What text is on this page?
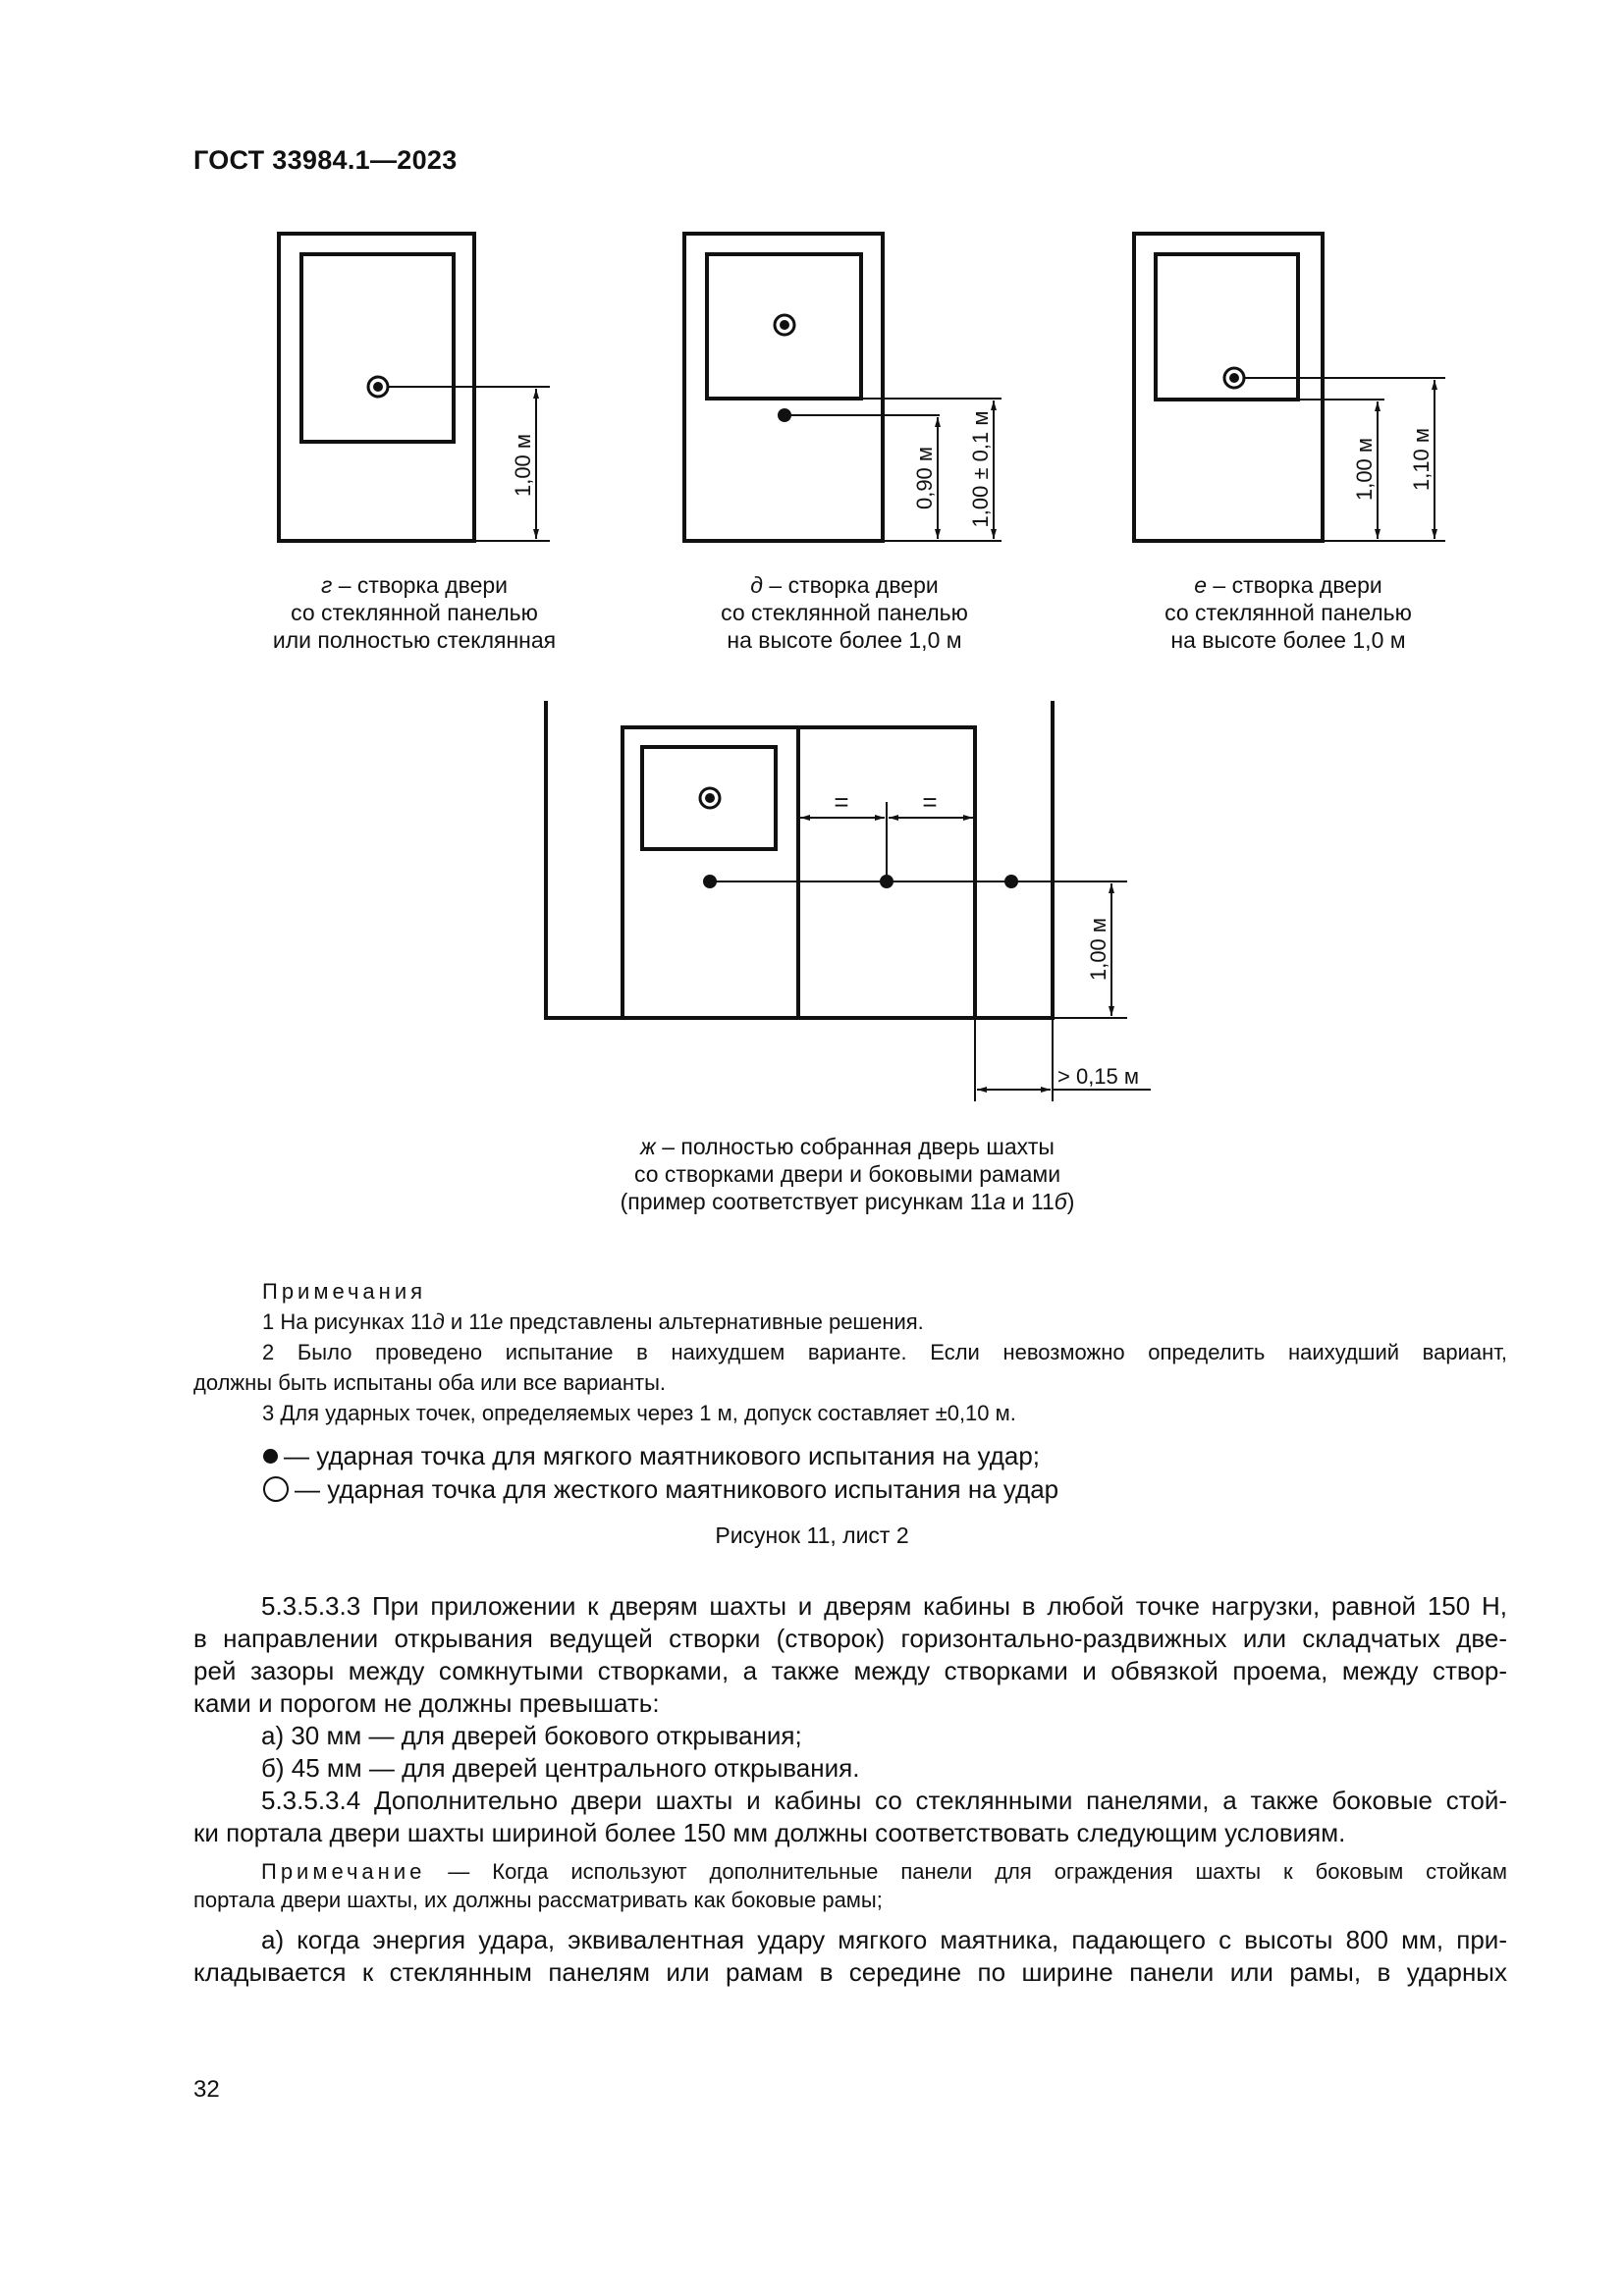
ГОСТ 33984.1—2023
1,00 м	0,90 м 1,00 ± 0,1 м	1,00 м 1,10 м
1,00 м
> 0,15 м
=	=
г – створка двери
со стеклянной панелью
или полностью стеклянная
д – створка двери
со стеклянной панелью
на высоте более 1,0 м
е – створка двери
со стеклянной панелью
на высоте более 1,0 м
ж – полностью собранная дверь шахты
со створками двери и боковыми рамами
(пример соответствует рисункам 11а и 11б)
Примечания
1 На рисунках 11д и 11е представлены альтернативные решения.
2 Было проведено испытание в наихудшем варианте. Если невозможно определить наихудший вариант,
должны быть испытаны оба или все варианты.
3 Для ударных точек, определяемых через 1 м, допуск составляет ±0,10 м.
— ударная точка для мягкого маятникового испытания на удар;
— ударная точка для жесткого маятникового испытания на удар
Рисунок 11, лист 2
5.3.5.3.3 При приложении к дверям шахты и дверям кабины в любой точке нагрузки, равной 150 Н,
в направлении открывания ведущей створки (створок) горизонтально-раздвижных или складчатых две-
рей зазоры между сомкнутыми створками, а также между створками и обвязкой проема, между створ-
ками и порогом не должны превышать:
а) 30 мм — для дверей бокового открывания;
б) 45 мм — для дверей центрального открывания.
5.3.5.3.4 Дополнительно двери шахты и кабины со стеклянными панелями, а также боковые стой-
ки портала двери шахты шириной более 150 мм должны соответствовать следующим условиям.
Примечание — Когда используют дополнительные панели для ограждения шахты к боковым стойкам
портала двери шахты, их должны рассматривать как боковые рамы;
а) когда энергия удара, эквивалентная удару мягкого маятника, падающего с высоты 800 мм, при-
кладывается к стеклянным панелям или рамам в середине по ширине панели или рамы, в ударных
32
